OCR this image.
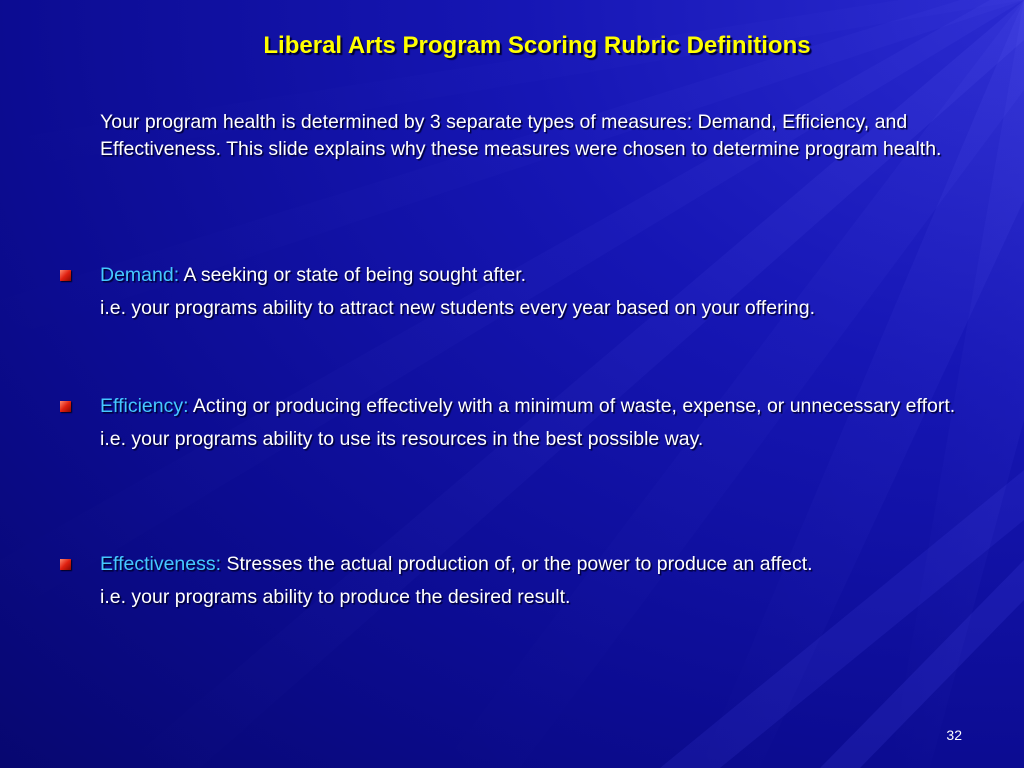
Liberal Arts Program Scoring Rubric Definitions
Your program health is determined by 3 separate types of measures: Demand, Efficiency, and Effectiveness. This slide explains why these measures were chosen to determine program health.
Demand: A seeking or state of being sought after.
i.e. your programs ability to attract new students every year based on your offering.
Efficiency: Acting or producing effectively with a minimum of waste, expense, or unnecessary effort.
i.e. your programs ability to use its resources in the best possible way.
Effectiveness: Stresses the actual production of, or the power to produce an affect.
i.e. your programs ability to produce the desired result.
32
